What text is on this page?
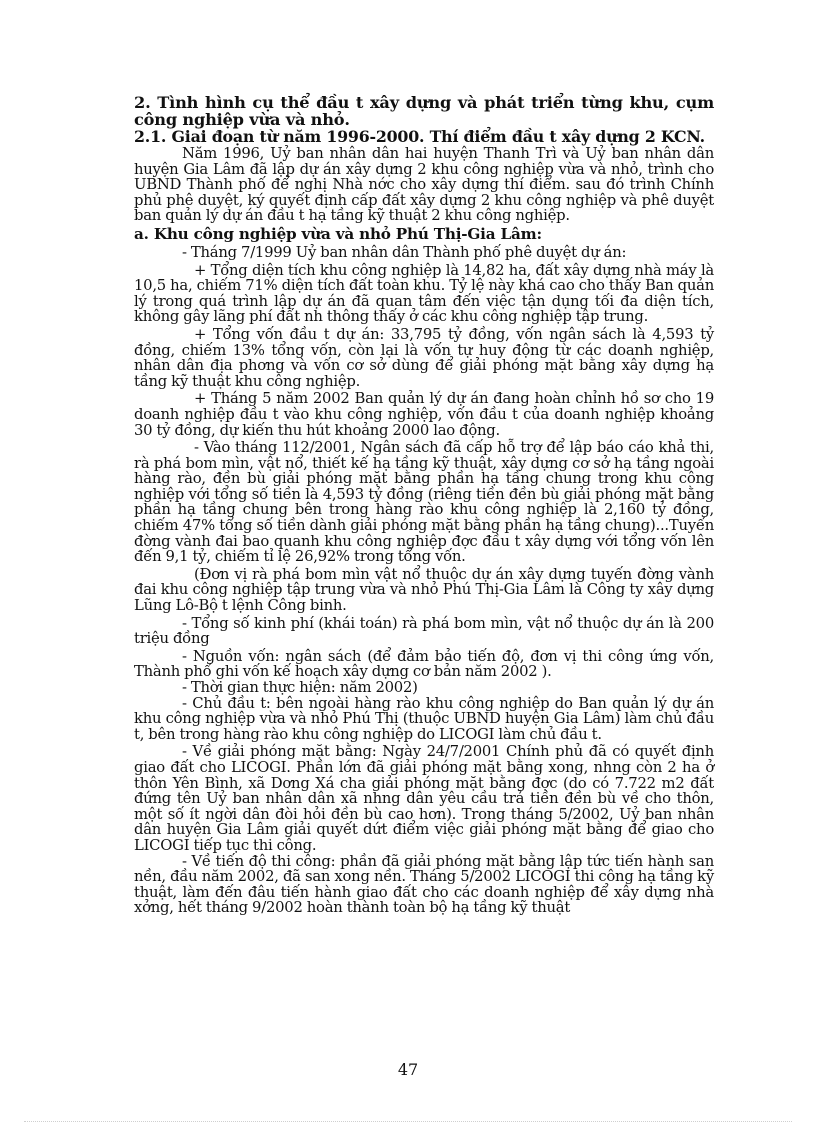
2. Tình hình cụ thể đầu t xây dựng và phát triển từng khu, cụm công nghiệp vừa và nhỏ.
2.1. Giai đoạn từ năm 1996-2000. Thí điểm đầu t xây dựng 2 KCN.

Năm 1996, Uỷ ban nhân dân hai huyện Thanh Trì và Uỷ ban nhân dân huyện Gia Lâm đã lập dự án xây dựng 2 khu công nghiệp vừa và nhỏ, trình cho UBND Thành phố để nghị Nhà nớc cho xây dựng thí điểm. sau đó trình Chính phủ phê duyệt, ký quyết định cấp đất xây dựng 2 khu công nghiệp và phê duyệt ban quản lý dự án đầu t hạ tầng kỹ thuật 2 khu công nghiệp.

a. Khu công nghiệp vừa và nhỏ Phú Thị-Gia Lâm:

- Tháng 7/1999 Uỷ ban nhân dân Thành phố phê duyệt dự án:

+ Tổng diện tích khu công nghiệp là 14,82 ha, đất xây dựng nhà máy là 10,5 ha, chiếm 71% diện tích đất toàn khu. Tỷ lệ này khá cao cho thấy Ban quản lý trong quá trình lập dự án đã quan tâm đến việc tận dụng tối đa diện tích, không gây lãng phí đất nh thông thấy ở các khu công nghiệp tập trung.

+ Tổng vốn đầu t dự án: 33,795 tỷ đồng, vốn ngân sách là 4,593 tỷ đồng, chiếm 13% tổng vốn, còn lại là vốn tự huy động từ các doanh nghiệp, nhân dân địa phơng và vốn cơ sở dùng để giải phóng mặt bằng xây dựng hạ tầng kỹ thuật khu công nghiệp.

+ Tháng 5 năm 2002 Ban quản lý dự án đang hoàn chỉnh hồ sơ cho 19 doanh nghiệp đầu t vào khu công nghiệp, vốn đầu t của doanh nghiệp khoảng 30 tỷ đồng, dự kiến thu hút khoảng 2000 lao động.

- Vào tháng 112/2001, Ngân sách đã cấp hỗ trợ để lập báo cáo khả thi, rà phá bom mìn, vật nổ, thiết kế hạ tầng kỹ thuật, xây dựng cơ sở hạ tầng ngoài hàng rào, đền bù giải phóng mặt bằng phần hạ tầng chung trong khu công nghiệp với tổng số tiền là 4,593 tỷ đồng (riêng tiền đền bù giải phóng mặt bằng phần hạ tầng chung bên trong hàng rào khu công nghiệp là 2,160 tỷ đồng, chiếm 47% tổng số tiền dành giải phóng mặt bằng phần hạ tầng chung)...Tuyến đờng vành đai bao quanh khu công nghiệp đợc đầu t xây dựng với tổng vốn lên đến 9,1 tỷ, chiếm tỉ lệ 26,92% trong tổng vốn.

(Đơn vị rà phá bom mìn vật nổ thuộc dự án xây dựng tuyến đờng vành đai khu công nghiệp tập trung vừa và nhỏ Phú Thị-Gia Lâm là Công ty xây dựng Lũng Lô-Bộ t lệnh Công binh.

- Tổng số kinh phí (khái toán) rà phá bom mìn, vật nổ thuộc dự án là 200 triệu đồng

- Nguồn vốn: ngân sách (để đảm bảo tiến độ, đơn vị thi công ứng vốn, Thành phố ghi vốn kế hoạch xây dựng cơ bản năm 2002 ).

- Thời gian thực hiện: năm 2002)

- Chủ đầu t: bên ngoài hàng rào khu công nghiệp do Ban quản lý dự án khu công nghiệp vừa và nhỏ Phú Thị (thuộc UBND huyện Gia Lâm) làm chủ đầu t, bên trong hàng rào khu công nghiệp do LICOGI làm chủ đầu t.

- Về giải phóng mặt bằng: Ngày 24/7/2001 Chính phủ đã có quyết định giao đất cho LICOGI. Phần lớn đã giải phóng mặt bằng xong, nhng còn 2 ha ở thôn Yên Bình, xã Dơng Xá cha giải phóng mặt bằng đợc (do có 7.722 m2 đất đứng tên Uỷ ban nhân dân xã nhng dân yêu cầu trả tiền đền bù về cho thôn, một số ít ngời dân đòi hỏi đền bù cao hơn). Trong tháng 5/2002, Uỷ ban nhân dân huyện Gia Lâm giải quyết dứt điểm việc giải phóng mặt bằng để giao cho LICOGI tiếp tục thi công.

- Về tiến độ thi công: phần đã giải phóng mặt bằng lập tức tiến hành san nền, đầu năm 2002, đã san xong nền. Tháng 5/2002 LICOGI thi công hạ tầng kỹ thuật, làm đến đâu tiến hành giao đất cho các doanh nghiệp để xây dựng nhà xởng, hết tháng 9/2002 hoàn thành toàn bộ hạ tầng kỹ thuật

47
